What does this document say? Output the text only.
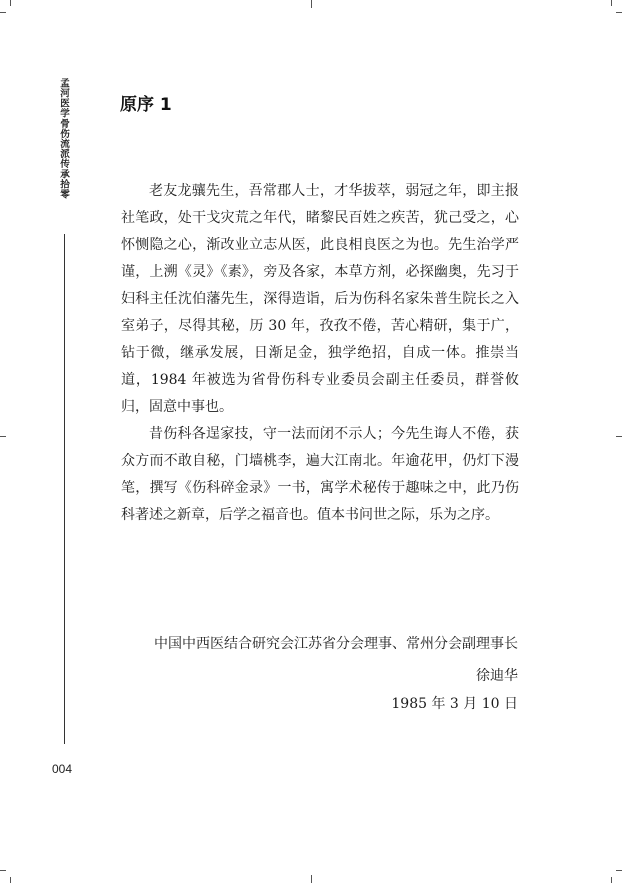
孟河医学骨伤流派传承拾零
004
原序 1

老友龙骧先生，吾常郡人士，才华拔萃，弱冠之年，即主报社笔政，处干戈灾荒之年代，睹黎民百姓之疾苦，犹己受之，心怀恻隐之心，渐改业立志从医，此良相良医之为也。先生治学严谨，上溯《灵》《素》，旁及各家，本草方剂，必探幽奥，先习于妇科主任沈伯藩先生，深得造诣，后为伤科名家朱普生院长之入室弟子，尽得其秘，历 30 年，孜孜不倦，苦心精研，集于广，钻于微，继承发展，日渐足金，独学绝招，自成一体。推崇当道，1984 年被选为省骨伤科专业委员会副主任委员，群誉攸归，固意中事也。

昔伤科各逞家技，守一法而闭不示人；今先生诲人不倦，获众方而不敢自秘，门墙桃李，遍大江南北。年逾花甲，仍灯下漫笔，撰写《伤科碎金录》一书，寓学术秘传于趣味之中，此乃伤科著述之新章，后学之福音也。值本书问世之际，乐为之序。

中国中西医结合研究会江苏省分会理事、常州分会副理事长
徐迪华
1985 年 3 月 10 日
